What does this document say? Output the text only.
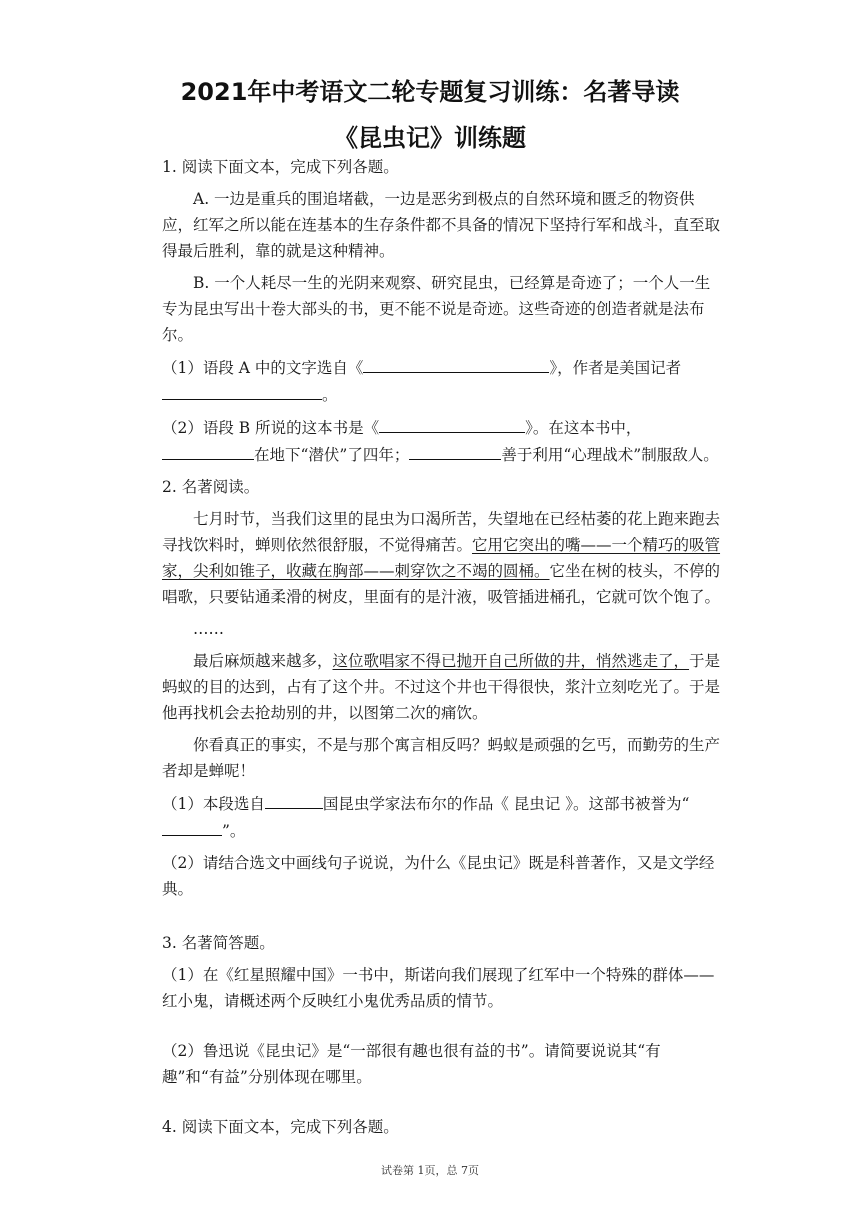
2021年中考语文二轮专题复习训练：名著导读
《昆虫记》训练题
1. 阅读下面文本，完成下列各题。
A. 一边是重兵的围追堵截，一边是恶劣到极点的自然环境和匮乏的物资供应，红军之所以能在连基本的生存条件都不具备的情况下坚持行军和战斗，直至取得最后胜利，靠的就是这种精神。
B. 一个人耗尽一生的光阴来观察、研究昆虫，已经算是奇迹了；一个人一生专为昆虫写出十卷大部头的书，更不能不说是奇迹。这些奇迹的创造者就是法布尔。
（1）语段 A 中的文字选自《	》，作者是美国记者。
（2）语段 B 所说的这本书是《	》。在这本书中，在地下“潜伏”了四年；	善于利用“心理战术”制服敌人。
2. 名著阅读。
七月时节，当我们这里的昆虫为口渴所苦，失望地在已经枯萎的花上跑来跑去寻找饮料时，蝉则依然很舒服，不觉得痛苦。它用它突出的嘴——一个精巧的吸管家，尖利如锥子，收藏在胸部——刺穿饮之不竭的圆桶。它坐在树的枝头，不停的唱歌，只要钻通柔滑的树皮，里面有的是汁液，吸管插进桶孔，它就可饮个饱了。
……
最后麻烦越来越多，这位歌唱家不得已抛开自己所做的井，悄然逃走了，于是蚂蚁的目的达到，占有了这个井。不过这个井也干得很快，浆汁立刻吃光了。于是他再找机会去抢劫别的井，以图第二次的痛饮。
你看真正的事实，不是与那个寓言相反吗？蚂蚁是顽强的乞丐，而勤劳的生产者却是蝉呢！
（1）本段选自	国昆虫学家法布尔的作品《 昆虫记 》。这部书被誉为“”。
（2）请结合选文中画线句子说说，为什么《昆虫记》既是科普著作，又是文学经典。
3. 名著简答题。
（1）在《红星照耀中国》一书中，斯诺向我们展现了红军中一个特殊的群体——红小鬼，请概述两个反映红小鬼优秀品质的情节。
（2）鲁迅说《昆虫记》是“一部很有趣也很有益的书”。请简要说说其“有趣”和“有益”分别体现在哪里。
4. 阅读下面文本，完成下列各题。
试卷第 1页，总 7页
